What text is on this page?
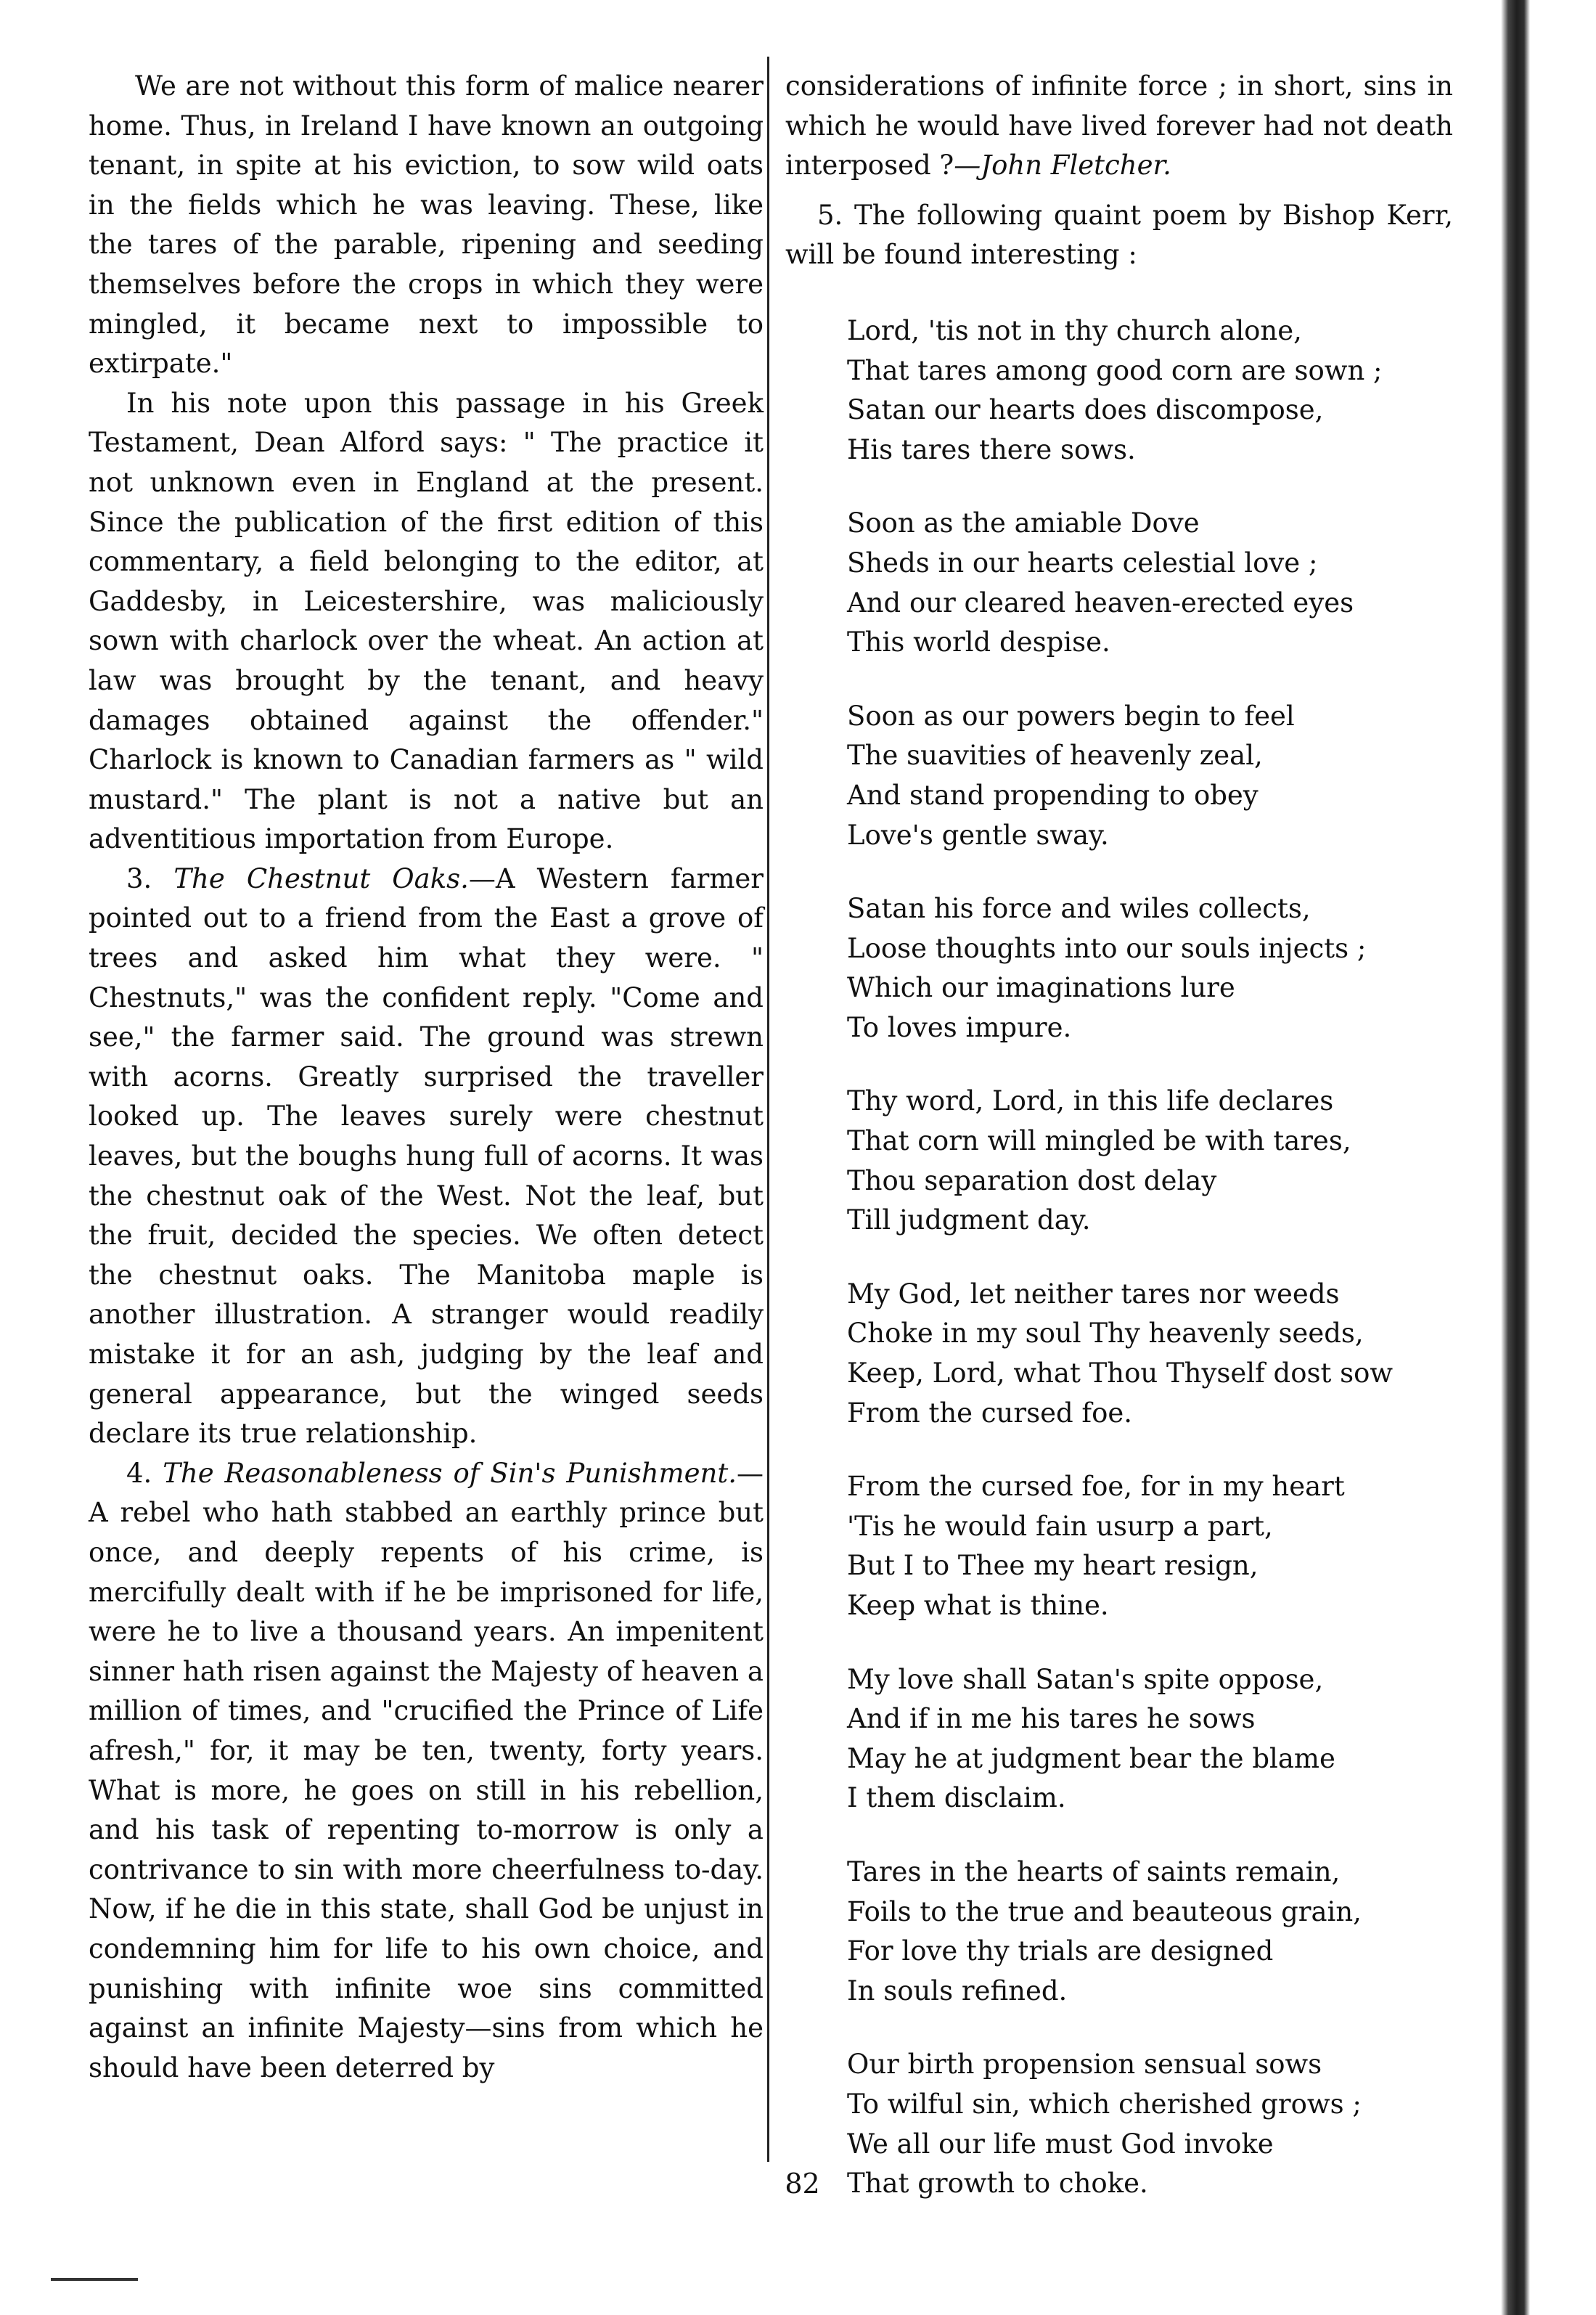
We are not without this form of malice nearer home. Thus, in Ireland I have known an outgoing tenant, in spite at his eviction, to sow wild oats in the fields which he was leaving. These, like the tares of the parable, ripening and seeding themselves before the crops in which they were mingled, it became next to impossible to extirpate."

In his note upon this passage in his Greek Testament, Dean Alford says: " The practice it not unknown even in England at the present. Since the publication of the first edition of this commentary, a field belonging to the editor, at Gaddesby, in Leicestershire, was maliciously sown with charlock over the wheat. An action at law was brought by the tenant, and heavy damages obtained against the offender." Charlock is known to Canadian farmers as " wild mustard." The plant is not a native but an adventitious importation from Europe.

3. The Chestnut Oaks.—A Western farmer pointed out to a friend from the East a grove of trees and asked him what they were. " Chestnuts," was the confident reply. "Come and see," the farmer said. The ground was strewn with acorns. Greatly surprised the traveller looked up. The leaves surely were chestnut leaves, but the boughs hung full of acorns. It was the chestnut oak of the West. Not the leaf, but the fruit, decided the species. We often detect the chestnut oaks. The Manitoba maple is another illustration. A stranger would readily mistake it for an ash, judging by the leaf and general appearance, but the winged seeds declare its true relationship.

4. The Reasonableness of Sin's Punishment.— A rebel who hath stabbed an earthly prince but once, and deeply repents of his crime, is mercifully dealt with if he be imprisoned for life, were he to live a thousand years. An impenitent sinner hath risen against the Majesty of heaven a million of times, and "crucified the Prince of Life afresh," for, it may be ten, twenty, forty years. What is more, he goes on still in his rebellion, and his task of repenting to-morrow is only a contrivance to sin with more cheerfulness to-day. Now, if he die in this state, shall God be unjust in condemning him for life to his own choice, and punishing with infinite woe sins committed against an infinite Majesty—sins from which he should have been deterred by

considerations of infinite force ; in short, sins in which he would have lived forever had not death interposed ?—John Fletcher.

5. The following quaint poem by Bishop Kerr, will be found interesting :

Lord, 'tis not in thy church alone,
That tares among good corn are sown ;
Satan our hearts does discompose,
His tares there sows.
Soon as the amiable Dove
Sheds in our hearts celestial love ;
And our cleared heaven-erected eyes
This world despise.
Soon as our powers begin to feel
The suavities of heavenly zeal,
And stand propending to obey
Love's gentle sway.
Satan his force and wiles collects,
Loose thoughts into our souls injects ;
Which our imaginations lure
To loves impure.
Thy word, Lord, in this life declares
That corn will mingled be with tares,
Thou separation dost delay
Till judgment day.
My God, let neither tares nor weeds
Choke in my soul Thy heavenly seeds,
Keep, Lord, what Thou Thyself dost sow
From the cursed foe.
From the cursed foe, for in my heart
'Tis he would fain usurp a part,
But I to Thee my heart resign,
Keep what is thine.
My love shall Satan's spite oppose,
And if in me his tares he sows
May he at judgment bear the blame
I them disclaim.
Tares in the hearts of saints remain,
Foils to the true and beauteous grain,
For love thy trials are designed
In souls refined.
Our birth propension sensual sows
To wilful sin, which cherished grows ;
We all our life must God invoke
That growth to choke.
82
